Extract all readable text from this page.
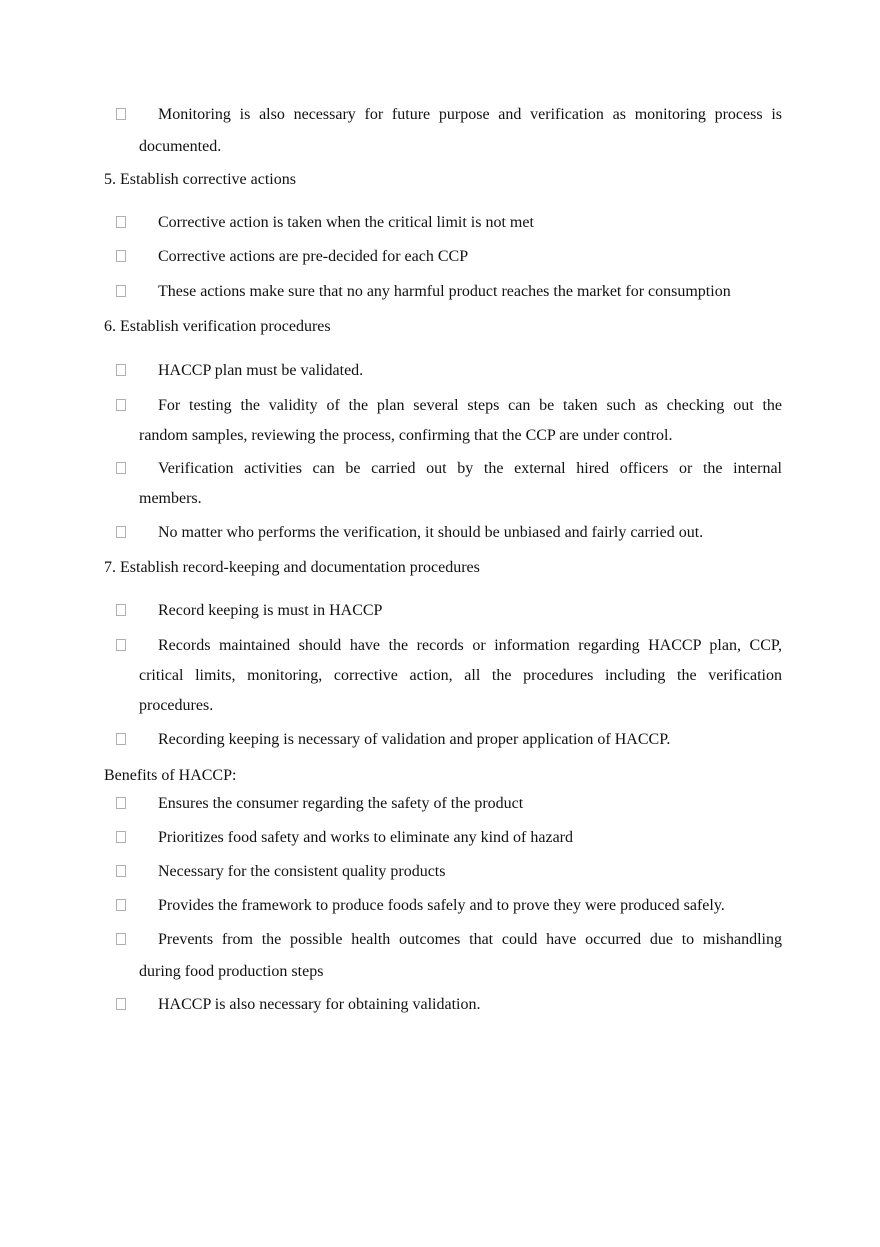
Monitoring is also necessary for future purpose and verification as monitoring process is
documented.
5. Establish corrective actions
Corrective action is taken when the critical limit is not met
Corrective actions are pre-decided for each CCP
These actions make sure that no any harmful product reaches the market for consumption
6. Establish verification procedures
HACCP plan must be validated.
For testing the validity of the plan several steps can be taken such as checking out the
random samples, reviewing the process, confirming that the CCP are under control.
Verification activities can be carried out by the external hired officers or the internal
members.
No matter who performs the verification, it should be unbiased and fairly carried out.
7. Establish record-keeping and documentation procedures
Record keeping is must in HACCP
Records maintained should have the records or information regarding HACCP plan, CCP,
critical limits, monitoring, corrective action, all the procedures including the verification
procedures.
Recording keeping is necessary of validation and proper application of HACCP.
Benefits of HACCP:
Ensures the consumer regarding the safety of the product
Prioritizes food safety and works to eliminate any kind of hazard
Necessary for the consistent quality products
Provides the framework to produce foods safely and to prove they were produced safely.
Prevents from the possible health outcomes that could have occurred due to mishandling
during food production steps
HACCP is also necessary for obtaining validation.
